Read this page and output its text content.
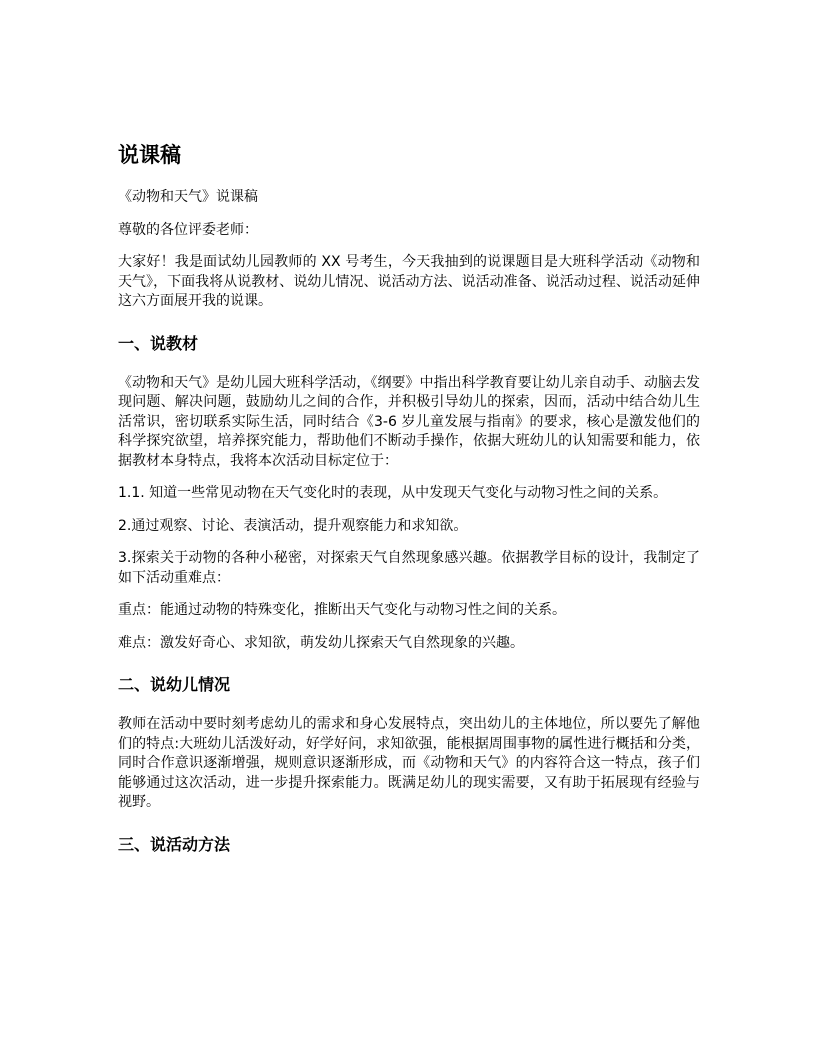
说课稿

《动物和天气》说课稿

尊敬的各位评委老师：

大家好！我是面试幼儿园教师的 XX 号考生，今天我抽到的说课题目是大班科学活动《动物和天气》，下面我将从说教材、说幼儿情况、说活动方法、说活动准备、说活动过程、说活动延伸这六方面展开我的说课。

一、说教材

《动物和天气》是幼儿园大班科学活动，《纲要》中指出科学教育要让幼儿亲自动手、动脑去发现问题、解决问题，鼓励幼儿之间的合作，并积极引导幼儿的探索，因而，活动中结合幼儿生活常识，密切联系实际生活，同时结合《3-6 岁儿童发展与指南》的要求，核心是激发他们的科学探究欲望，培养探究能力，帮助他们不断动手操作，依据大班幼儿的认知需要和能力，依据教材本身特点，我将本次活动目标定位于：

1.1. 知道一些常见动物在天气变化时的表现，从中发现天气变化与动物习性之间的关系。

2.通过观察、讨论、表演活动，提升观察能力和求知欲。

3.探索关于动物的各种小秘密，对探索天气自然现象感兴趣。依据教学目标的设计，我制定了如下活动重难点：

重点：能通过动物的特殊变化，推断出天气变化与动物习性之间的关系。

难点：激发好奇心、求知欲，萌发幼儿探索天气自然现象的兴趣。

二、说幼儿情况

教师在活动中要时刻考虑幼儿的需求和身心发展特点，突出幼儿的主体地位，所以要先了解他们的特点:大班幼儿活泼好动，好学好问，求知欲强，能根据周围事物的属性进行概括和分类，同时合作意识逐渐增强，规则意识逐渐形成，而《动物和天气》的内容符合这一特点，孩子们能够通过这次活动，进一步提升探索能力。既满足幼儿的现实需要，又有助于拓展现有经验与视野。

三、说活动方法
